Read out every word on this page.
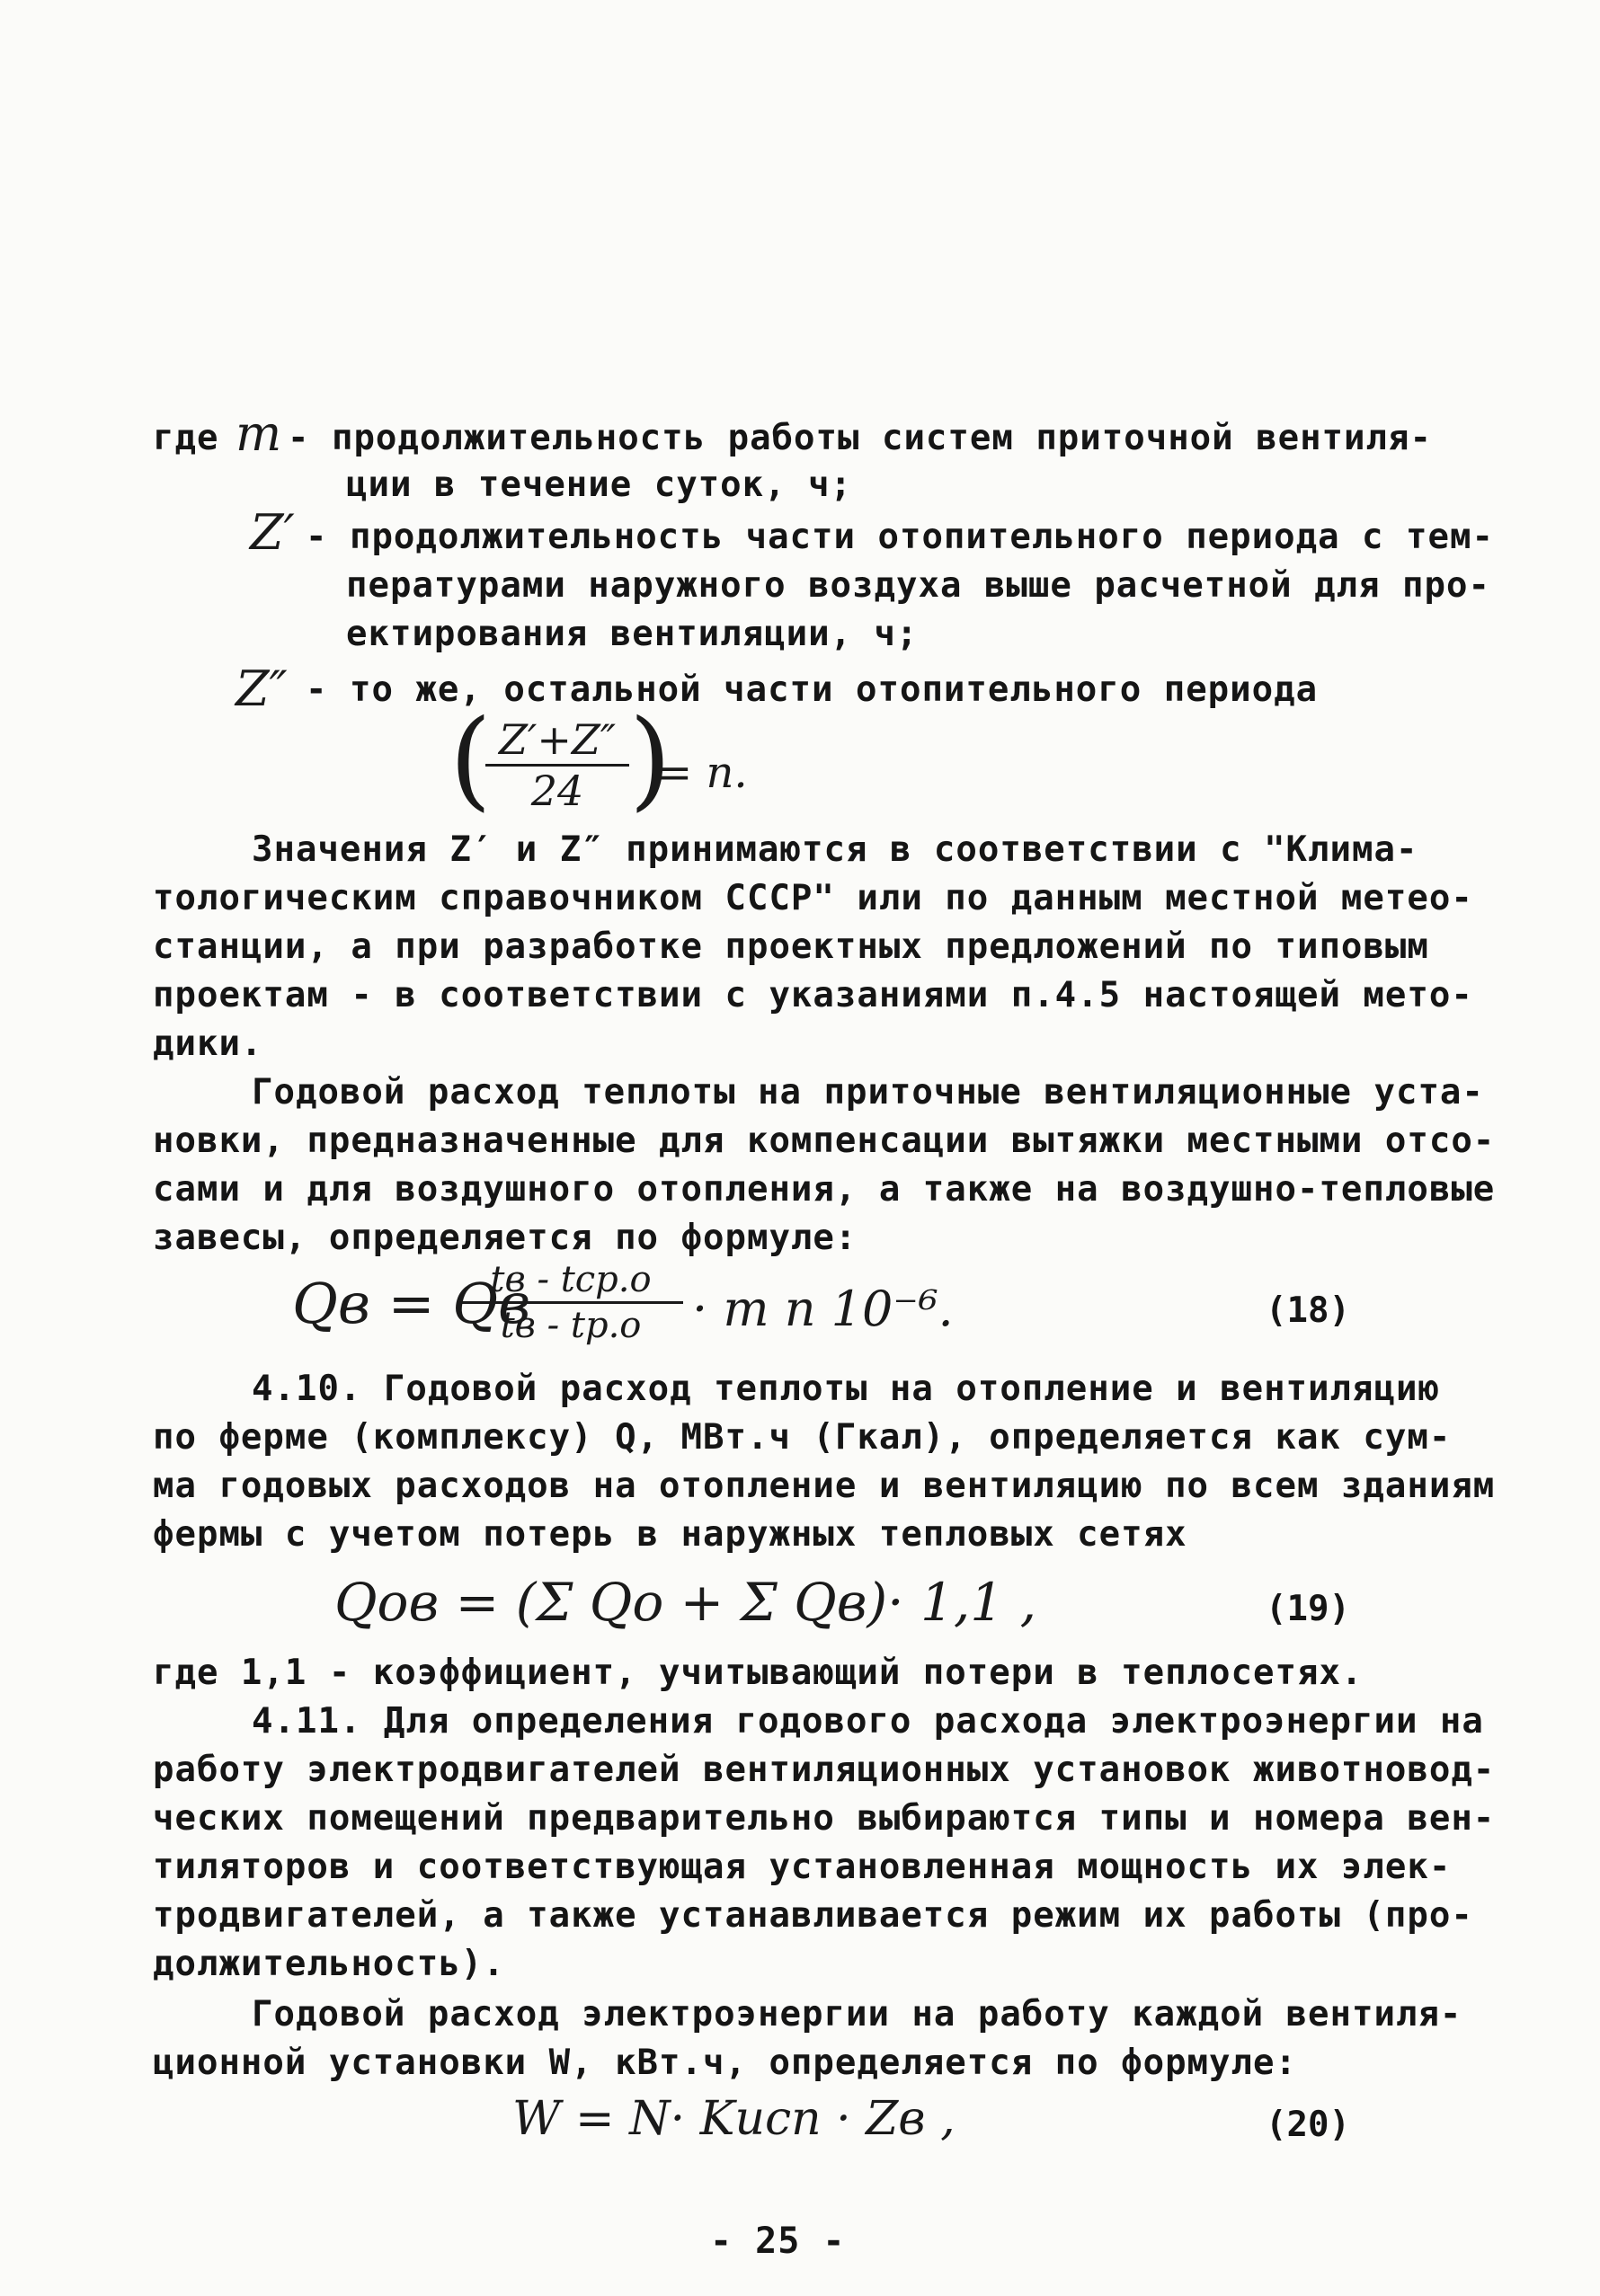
где m - продолжительность работы систем приточной вентиля-
ции в течение суток, ч;
Z′ - продолжительность части отопительного периода с тем-
пературами наружного воздуха выше расчетной для про-
ектирования вентиляции, ч;
Z″ - то же, остальной части отопительного периода
( Z′+Z″
24 )
= n.
Значения Z′ и Z″ принимаются в соответствии с "Клима-
тологическим справочником СССР" или по данным местной метео-
станции, а при разработке проектных предложений по типовым
проектам - в соответствии с указаниями п.4.5 настоящей мето-
дики.
Годовой расход теплоты на приточные вентиляционные уста-
новки, предназначенные для компенсации вытяжки местными отсо-
сами и для воздушного отопления, а также на воздушно-тепловые
завесы, определяется по формуле:
Qв = Qв
tв - tср.о
tв - tр.о	· m n 10⁻⁶.	(18)
4.10. Годовой расход теплоты на отопление и вентиляцию
по ферме (комплексу) Q, МВт.ч (Гкал), определяется как сум-
ма годовых расходов на отопление и вентиляцию по всем зданиям
фермы с учетом потерь в наружных тепловых сетях
Qов = (Σ Qо + Σ Qв)· 1,1 ,	(19)
где 1,1 - коэффициент, учитывающий потери в теплосетях.
4.11. Для определения годового расхода электроэнергии на
работу электродвигателей вентиляционных установок животновод-
ческих помещений предварительно выбираются типы и номера вен-
тиляторов и соответствующая установленная мощность их элек-
тродвигателей, а также устанавливается режим их работы (про-
должительность).
Годовой расход электроэнергии на работу каждой вентиля-
ционной установки W, кВт.ч, определяется по формуле:
W = N· Kисп · Zв ,	(20)
- 25 -
